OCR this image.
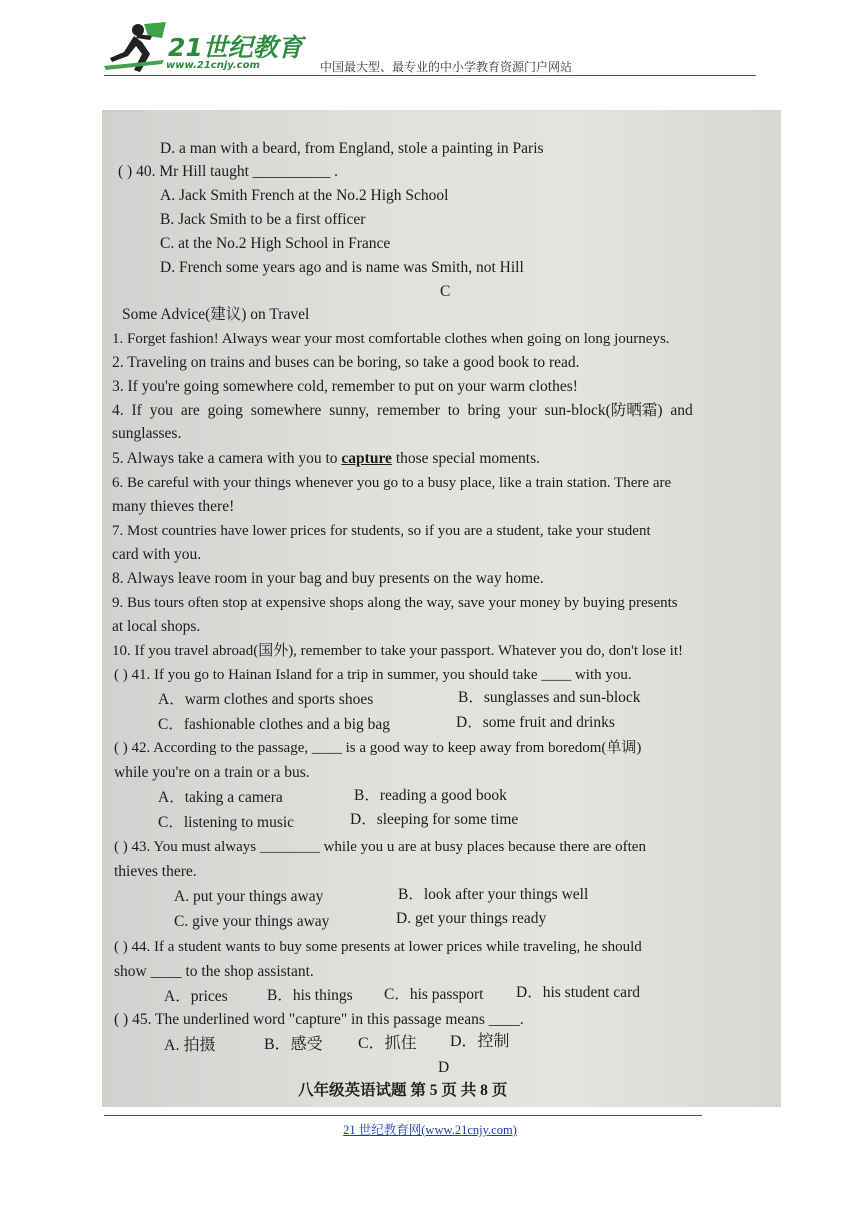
21世纪教育
www.21cnjy.com	中国最大型、最专业的中小学教育资源门户网站
D. a man with a beard, from England, stole a painting in Paris
( ) 40. Mr Hill taught __________ .
A. Jack Smith French at the No.2 High School
B. Jack Smith to be a first officer
C. at the No.2 High School in France
D. French some years ago and is name was Smith, not Hill
C
Some Advice(建议) on Travel
1. Forget fashion! Always wear your most comfortable clothes when going on long journeys.
2. Traveling on trains and buses can be boring, so take a good book to read.
3. If you're going somewhere cold, remember to put on your warm clothes!
4. If you are going somewhere sunny, remember to bring your sun-block(防晒霜) and
sunglasses.
5. Always take a camera with you to capture those special moments.
6. Be careful with your things whenever you go to a busy place, like a train station. There are
many thieves there!
7. Most countries have lower prices for students, so if you are a student, take your student
card with you.
8. Always leave room in your bag and buy presents on the way home.
9. Bus tours often stop at expensive shops along the way, save your money by buying presents
at local shops.
10. If you travel abroad(国外), remember to take your passport. Whatever you do, don't lose it!
( ) 41. If you go to Hainan Island for a trip in summer, you should take ____ with you.
A．warm clothes and sports shoes	B．sunglasses and sun-block
C．fashionable clothes and a big bag	D．some fruit and drinks
( ) 42. According to the passage, ____ is a good way to keep away from boredom(单调)
while you're on a train or a bus.
A．taking a camera	B．reading a good book
C．listening to music	D．sleeping for some time
( ) 43. You must always ________ while you u are at busy places because there are often
thieves there.
A. put your things away	B．look after your things well
C. give your things away	D. get your things ready
( ) 44. If a student wants to buy some presents at lower prices while traveling, he should
show ____ to the shop assistant.
A．prices	B．his things C．his passport D．his student card
( ) 45. The underlined word "capture" in this passage means ____.
A. 拍摄	B．感受 C．抓住 D．控制
D
八年级英语试题 第 5 页 共 8 页
21 世纪教育网(www.21cnjy.com)
